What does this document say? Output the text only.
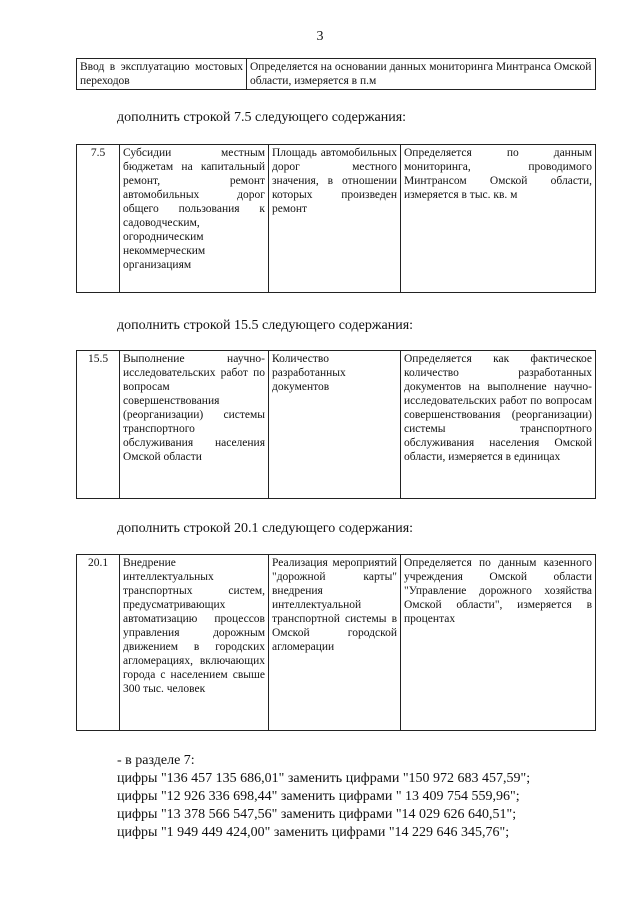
3
Ввод в эксплуатацию мостовых переходов	Определяется на основании данных мониторинга Минтранса Омской области, измеряется в п.м
дополнить строкой 7.5 следующего содержания:
7.5	Субсидии местным бюджетам на капитальный ремонт, ремонт автомобильных дорог общего пользования к садоводческим, огородническим некоммерческим организациям	Площадь автомобильных дорог местного значения, в отношении которых произведен ремонт	Определяется по данным мониторинга, проводимого Минтрансом Омской области, измеряется в тыс. кв. м
дополнить строкой 15.5 следующего содержания:
15.5	Выполнение научно-исследовательских работ по вопросам совершенствования (реорганизации) системы транспортного обслуживания населения Омской области	Количество разработанных документов	Определяется как фактическое количество разработанных документов на выполнение научно-исследовательских работ по вопросам совершенствования (реорганизации) системы транспортного обслуживания населения Омской области, измеряется в единицах
дополнить строкой 20.1 следующего содержания:
20.1	Внедрение интеллектуальных транспортных систем, предусматривающих автоматизацию процессов управления дорожным движением в городских агломерациях, включающих города с населением свыше 300 тыс. человек	Реализация мероприятий "дорожной карты" внедрения интеллектуальной транспортной системы в Омской городской агломерации	Определяется по данным казенного учреждения Омской области "Управление дорожного хозяйства Омской области", измеряется в процентах
- в разделе 7:
цифры "136 457 135 686,01" заменить цифрами "150 972 683 457,59";
цифры "12 926 336 698,44" заменить цифрами " 13 409 754 559,96";
цифры "13 378 566 547,56" заменить цифрами "14 029 626 640,51";
цифры "1 949 449 424,00" заменить цифрами "14 229 646 345,76";
